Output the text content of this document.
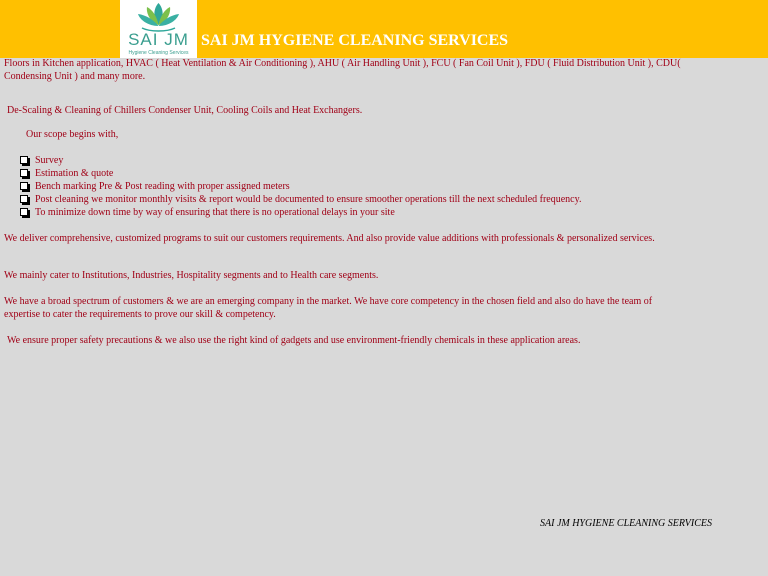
SAI JM
Hygiene Cleaning Services
SAI JM HYGIENE CLEANING SERVICES
Floors in Kitchen application, HVAC ( Heat Ventilation & Air Conditioning ), AHU ( Air Handling Unit ), FCU ( Fan Coil Unit ), FDU ( Fluid Distribution Unit ), CDU( Condensing Unit ) and many more.
De-Scaling & Cleaning of Chillers Condenser Unit, Cooling Coils and Heat Exchangers.
Our scope begins with,
Survey
Estimation & quote
Bench marking Pre & Post reading with proper assigned meters
Post cleaning we monitor monthly visits & report would be documented to ensure smoother operations till the next scheduled frequency.
To minimize down time by way of ensuring that there is no operational delays in your site
We deliver comprehensive, customized programs to suit our customers requirements. And also provide value additions with professionals & personalized services.
We mainly cater to Institutions, Industries, Hospitality segments and to Health care segments.
We have a broad spectrum of customers & we are an emerging company in the market. We have core competency in the chosen field and also do have the team of expertise to cater the requirements to prove our skill & competency.
We ensure proper safety precautions & we also use the right kind of gadgets and use environment-friendly chemicals in these application areas.
SAI JM HYGIENE CLEANING SERVICES
